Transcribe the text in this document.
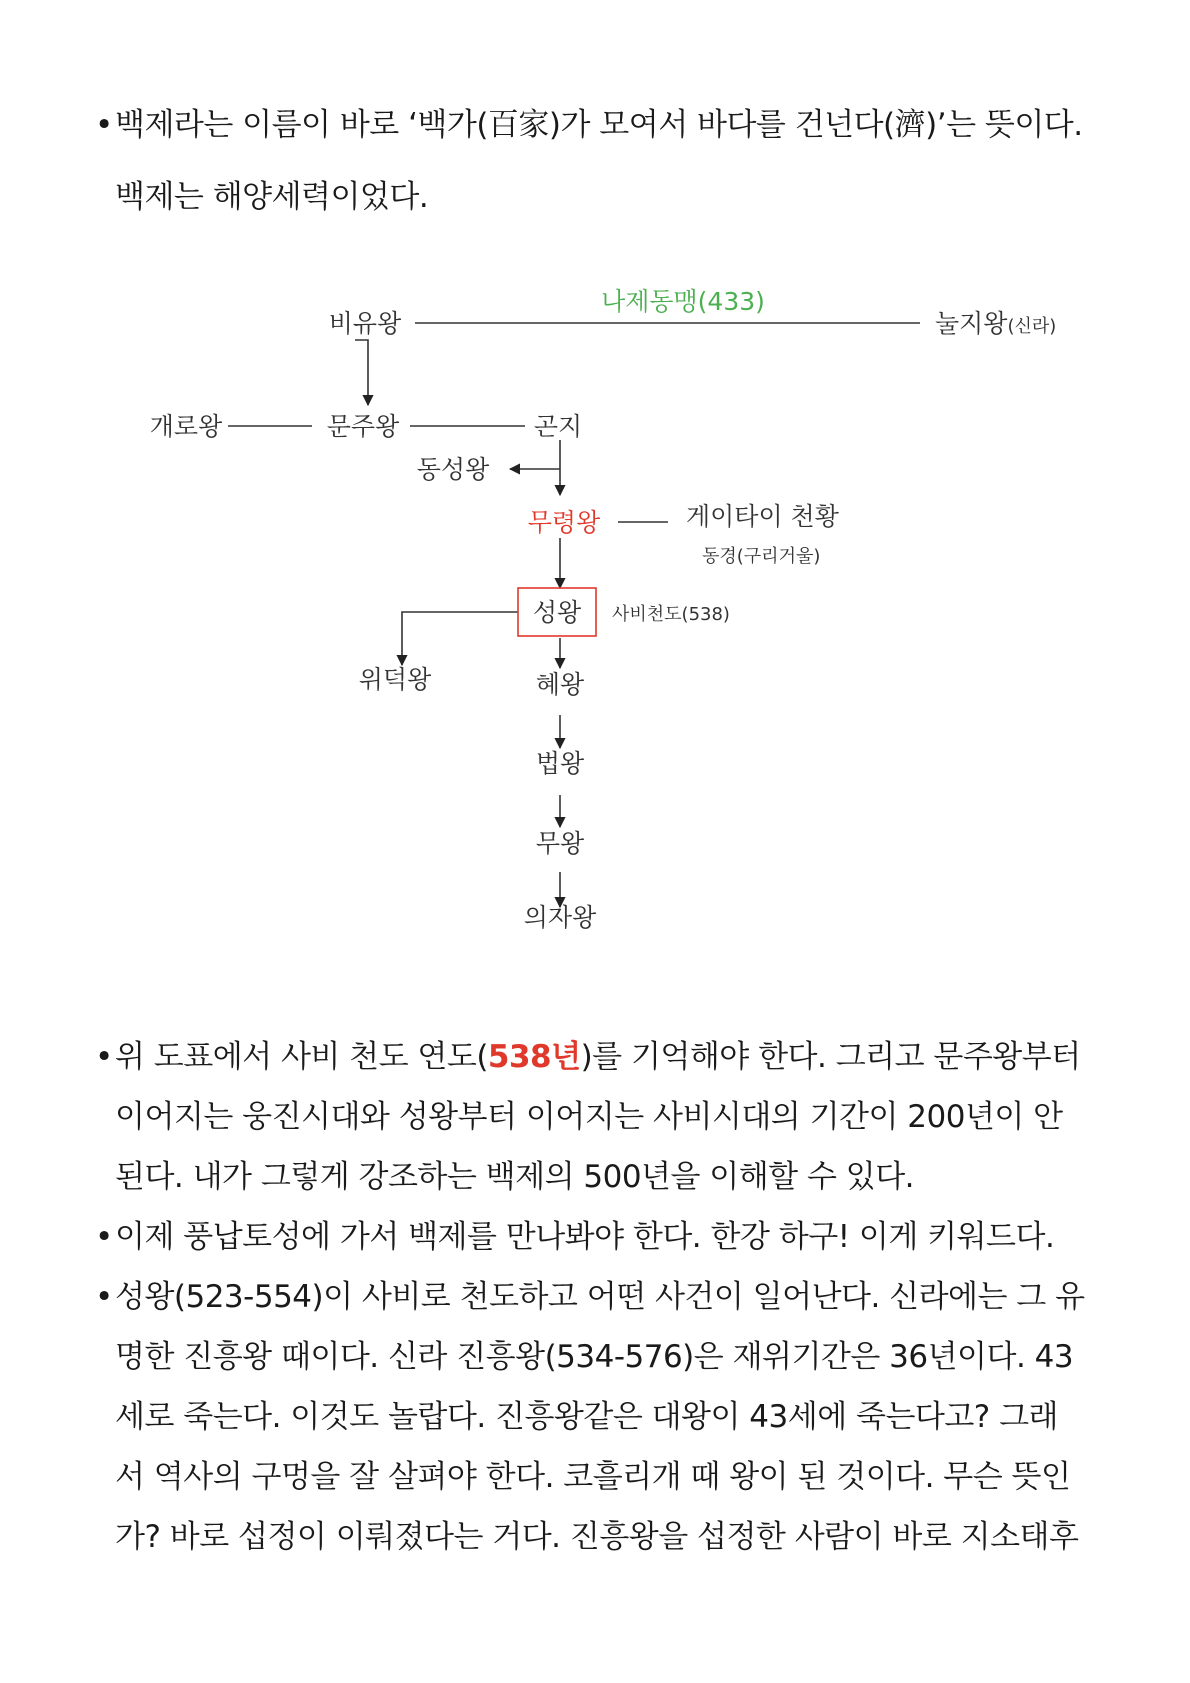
•백제라는 이름이 바로 ‘백가(百家)가 모여서 바다를 건넌다(濟)’는 뜻이다.
백제는 해양세력이었다.
비유왕
나제동맹(433)
눌지왕(신라)
개로왕	문주왕	곤지
동성왕
무령왕	게이타이 천황
동경(구리거울)
성왕 사비천도(538)
위덕왕	혜왕
법왕
무왕
의자왕
•위 도표에서 사비 천도 연도(538년)를 기억해야 한다. 그리고 문주왕부터
이어지는 웅진시대와 성왕부터 이어지는 사비시대의 기간이 200년이 안
된다. 내가 그렇게 강조하는 백제의 500년을 이해할 수 있다.
•이제 풍납토성에 가서 백제를 만나봐야 한다. 한강 하구! 이게 키워드다.
•성왕(523-554)이 사비로 천도하고 어떤 사건이 일어난다. 신라에는 그 유
명한 진흥왕 때이다. 신라 진흥왕(534-576)은 재위기간은 36년이다. 43
세로 죽는다. 이것도 놀랍다. 진흥왕같은 대왕이 43세에 죽는다고? 그래
서 역사의 구멍을 잘 살펴야 한다. 코흘리개 때 왕이 된 것이다. 무슨 뜻인
가? 바로 섭정이 이뤄졌다는 거다. 진흥왕을 섭정한 사람이 바로 지소태후
